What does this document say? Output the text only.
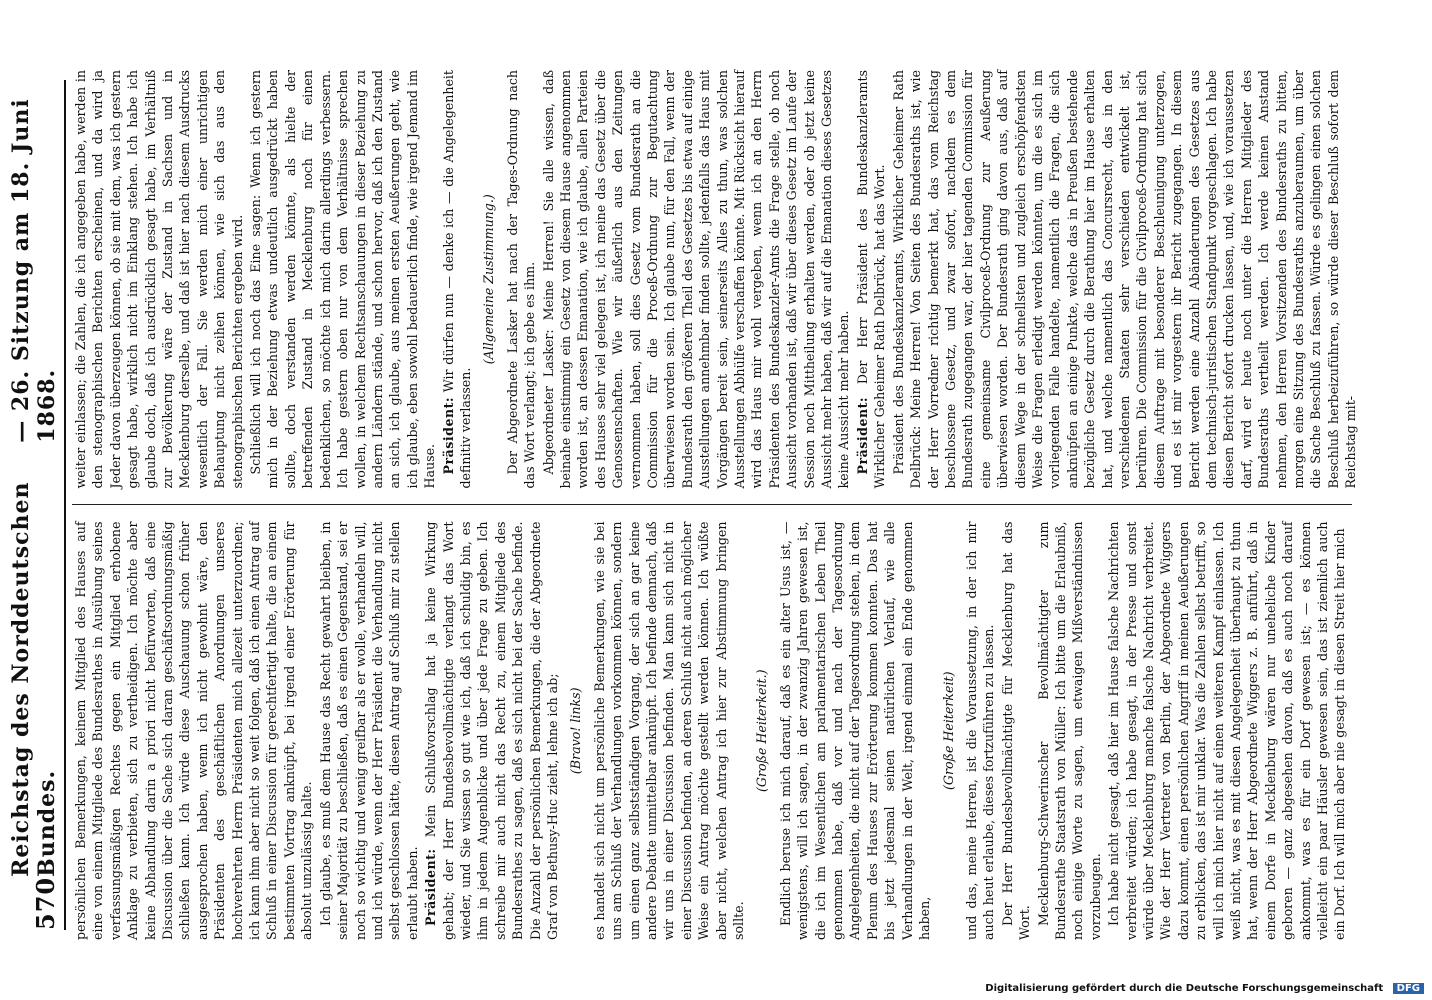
570
Reichstag des Norddeutschen Bundes.
— 26. Sitzung am 18. Juni 1868.

persönlichen Bemerkungen, keinem Mitglied des Hauses auf eine von einem Mitgliede des Bundesrathes in Ausübung seines verfassungsmäßigen Rechtes gegen ein Mitglied erhobene Anklage zu verbieten, sich zu vertheidigen. Ich möchte aber keine Abhandlung darin a priori nicht befürworten, daß eine Discussion über die Sache sich daran geschäftsordnungsmäßig schließen kann. Ich würde diese Auschauung schon früher ausgesprochen haben, wenn ich nicht gewohnt wäre, den Präsidenten des geschäftlichen Anordnungen unseres hochverehrten Herrn Präsidenten mich allezeit unterzuordnen; ich kann ihm aber nicht so weit folgen, daß ich einen Antrag auf Schluß in einer Discussion für gerechtfertigt halte, die an einem bestimmten Vortrag anknüpft, bei irgend einer Erörterung für absolut unzulässig halte. Ich glaube, es muß dem Hause das Recht gewahrt bleiben, in seiner Majorität zu beschließen, daß es einen Gegenstand, sei er noch so wichtig und wenig greifbar als er wolle, verhandeln will, und ich würde, wenn der Herr Präsident die Verhandlung nicht selbst geschlossen hätte, diesen Antrag auf Schluß mir zu stellen erlaubt haben. Präsident: Mein Schlußvorschlag hat ja keine Wirkung gehabt; der Herr Bundesbevollmächtigte verlangt das Wort wieder, und Sie wissen so gut wie ich, daß ich schuldig bin, es ihm in jedem Augenblicke und über jede Frage zu geben. Ich schreibe mir auch nicht das Recht zu, einem Mitgliede des Bundesrathes zu sagen, daß es sich nicht bei der Sache befinde. Die Anzahl der persönlichen Bemerkungen, die der Abgeordnete Graf von Bethusy-Huc zieht, lehne ich ab; (Bravo! links) es handelt sich nicht um persönliche Bemerkungen, wie sie bei uns am Schluß der Verhandlungen vorkommen können, sondern um einen ganz selbstständigen Vorgang, der sich an gar keine andere Debatte unmittelbar anknüpft. Ich befinde demnach, daß wir uns in einer Discussion befinden. Man kann sich nicht in einer Discussion befinden, an deren Schluß nicht auch möglicher Weise ein Antrag möchte gestellt werden können. Ich wüßte aber nicht, welchen Antrag ich hier zur Abstimmung bringen sollte.

(Große Heiterkeit.) Endlich beruse ich mich darauf, daß es ein alter Usus ist, — wenigstens, will ich sagen, in der zwanzig Jahren gewesen ist, die ich im Wesentlichen am parlamentarischen Leben Theil genommen habe, daß vor und nach der Tagesordnung Angelegenheiten, die nicht auf der Tagesordnung stehen, in dem Plenum des Hauses zur Erörterung kommen konnten. Das hat bis jetzt jedesmal seinen natürlichen Verlauf, wie alle Verhandlungen in der Welt, irgend einmal ein Ende genommen haben,

(Große Heiterkeit) und das, meine Herren, ist die Voraussetzung, in der ich mir auch heut erlaube, dieses fortzuführen zu lassen. Der Herr Bundesbevollmächtigte für Mecklenburg hat das Wort. Mecklenburg-Schwerinscher Bevollmächtigter zum Bundesrathe Staatsrath von Müller: Ich bitte um die Erlaubniß, noch einige Worte zu sagen, um etwaigen Mißverständnissen vorzubeugen. Ich habe nicht gesagt, daß hier im Hause falsche Nachrichten verbreitet würden; ich habe gesagt, in der Presse und sonst würde über Mecklenburg manche falsche Nachricht verbreitet. Wie der Herr Vertreter von Berlin, der Abgeordnete Wiggers dazu kommt, einen persönlichen Angriff in meinen Aeußerungen zu erblicken, das ist mir unklar. Was die Zahlen selbst betrifft, so will ich mich hier nicht auf einen weiteren Kampf einlassen. Ich weiß nicht, was es mit diesen Angelegenheit überhaupt zu thun hat, wenn der Herr Abgeordnete Wiggers z. B. anführt, daß in einem Dorfe in Mecklenburg wären nur uneheliche Kinder geboren — ganz abgesehen davon, daß es auch noch darauf ankommt, was es für ein Dorf gewesen ist; — es können vielleicht ein paar Häusler gewesen sein, das ist ziemlich auch ein Dorf. Ich will mich aber nie gesagt in diesen Streit hier mich

weiter einlassen; die Zahlen, die ich angegeben habe, werden in den stenographischen Berichten erscheinen, und da wird ja Jeder davon überzeugen können, ob sie mit dem, was ich gestern gesagt habe, wirklich nicht im Einklang stehen. Ich habe ich glaube doch, daß ich ausdrücklich gesagt habe, im Verhältniß zur Bevölkerung wäre der Zustand in Sachsen und in Mecklenburg derselbe, und daß ist hier nach diesem Ausdrucks wesentlich der Fall. Sie werden mich einer unrichtigen Behauptung nicht zeihen können, wie sich das aus den stenographischen Berichten ergeben wird. Schließlich will ich noch das Eine sagen: Wenn ich gestern mich in der Beziehung etwas undeutlich ausgedrückt haben sollte, doch verstanden werden könnte, als hielte der betreffenden Zustand in Mecklenburg noch für einen bedenklichen, so möchte ich mich darin allerdings verbessern. Ich habe gestern oben nur von dem Verhältnisse sprechen wollen, in welchem Rechtsanschauungen in dieser Beziehung zu andern Ländern stände, und schon hervor, daß ich den Zustand an sich, ich glaube, aus meinen ersten Aeußerungen geht, wie ich glaube, eben sowohl bedauerlich finde, wie irgend Jemand im Hause. Präsident: Wir dürfen nun — denke ich — die Angelegenheit definitiv verlassen.

(Allgemeine Zustimmung.) Der Abgeordnete Lasker hat nach der Tages-Ordnung nach das Wort verlangt; ich gebe es ihm. Abgeordneter Lasker: Meine Herren! Sie alle wissen, daß beinahe einstimmig ein Gesetz von diesem Hause angenommen worden ist, an dessen Emanation, wie ich glaube, allen Parteien des Hauses sehr viel gelegen ist, ich meine das Gesetz über die Genossenschaften. Wie wir äußerlich aus den Zeitungen vernommen haben, soll dies Gesetz vom Bundesrath an die Commission für die Proceß-Ordnung zur Begutachtung überwiesen worden sein. Ich glaube nun, für den Fall, wenn der Bundesrath den größeren Theil des Gesetzes bis etwa auf einige Ausstellungen annehmbar finden sollte, jedenfalls das Haus mit Vorgängen bereit sein, seinerseits Alles zu thun, was solchen Ausstellungen Abhülfe verschaffen könnte. Mit Rücksicht hierauf wird das Haus mir wohl vergeben, wenn ich an den Herrn Präsidenten des Bundeskanzler-Amts die Frage stelle, ob noch Aussicht vorhanden ist, daß wir über dieses Gesetz im Laufe der Session noch Mittheilung erhalten werden, oder ob jetzt keine Aussicht mehr haben, daß wir auf die Emanation dieses Gesetzes keine Aussicht mehr haben. Präsident: Der Herr Präsident des Bundeskanzleramts Wirklicher Geheimer Rath Delbrück, hat das Wort. Präsident des Bundeskanzleramts, Wirklicher Geheimer Rath Delbrück: Meine Herren! Von Seiten des Bundesraths ist, wie der Herr Vorredner richtig bemerkt hat, das vom Reichstag beschlossene Gesetz, und zwar sofort, nachdem es dem Bundesrath zugegangen war, der hier tagenden Commission für eine gemeinsame Civilproceß-Ordnung zur Aeußerung überwiesen worden. Der Bundesrath ging davon aus, daß auf diesem Wege in der schnellsten und zugleich erschöpfendsten Weise die Fragen erledigt werden könnten, um die es sich im vorliegenden Falle handelte, namentlich die Fragen, die sich anknüpfen an einige Punkte, welche das in Preußen bestehende bezügliche Gesetz durch die Berathung hier im Hause erhalten hat, und welche namentlich das Concursrecht, das in den verschiedenen Staaten sehr verschieden entwickelt ist, berühren. Die Commission für die Civilproceß-Ordnung hat sich diesem Auftrage mit besonderer Beschleunigung unterzogen, und es ist mir vorgestern ihr Bericht zugegangen. In diesem Bericht werden eine Anzahl Abänderungen des Gesetzes aus dem technisch-juristischen Standpunkt vorgeschlagen. Ich habe diesen Bericht sofort drucken lassen, und, wie ich voraussetzen darf, wird er heute noch unter die Herren Mitglieder des Bundesraths vertheilt werden. Ich werde keinen Anstand nehmen, den Herren Vorsitzenden des Bundesraths zu bitten, morgen eine Sitzung des Bundesraths anzuberaumen, um über die Sache Beschluß zu fassen. Würde es gelingen einen solchen Beschluß herbeizuführen, so würde dieser Beschluß sofort dem Reichstag mit-

Digitalisierung gefördert durch die Deutsche Forschungsgemeinschaft DFG
